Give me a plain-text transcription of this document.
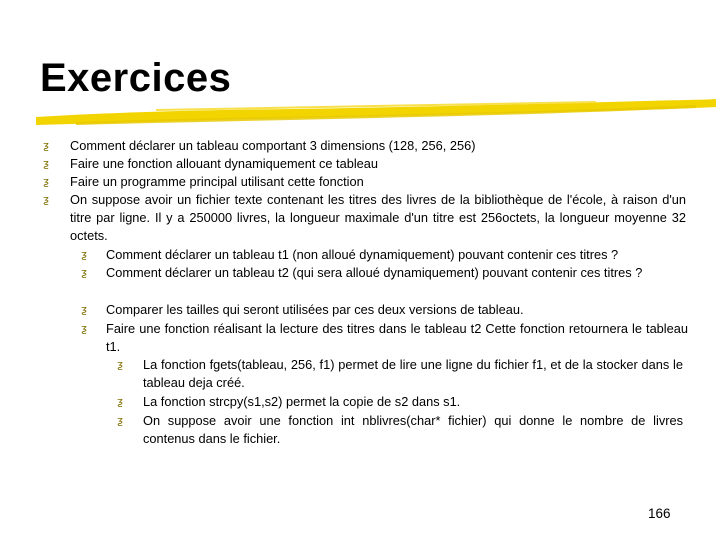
Exercices
ƺ Comment déclarer un tableau comportant 3 dimensions (128, 256, 256)
ƺ Faire une fonction allouant dynamiquement ce tableau
ƺ Faire un programme principal utilisant cette fonction
ƺ On suppose avoir un fichier texte contenant les titres des livres de la bibliothèque de l'école, à raison d'un titre par ligne. Il y a 250000 livres, la longueur maximale d'un titre est 256octets, la longueur moyenne 32 octets.
ƺ Comment déclarer un tableau t1 (non alloué dynamiquement) pouvant contenir ces titres ?
ƺ Comment déclarer un tableau t2 (qui sera alloué dynamiquement) pouvant contenir ces titres ?
ƺ Comparer les tailles qui seront utilisées par ces deux versions de tableau.
ƺ Faire une fonction réalisant la lecture des titres dans le tableau t2 Cette fonction retournera le tableau t1.
ƺ La fonction fgets(tableau, 256, f1) permet de lire une ligne du fichier f1, et de la stocker dans le tableau deja créé.
ƺ La fonction strcpy(s1,s2) permet la copie de s2 dans s1.
ƺ On suppose avoir une fonction int nblivres(char* fichier) qui donne le nombre de livres contenus dans le fichier.
166
